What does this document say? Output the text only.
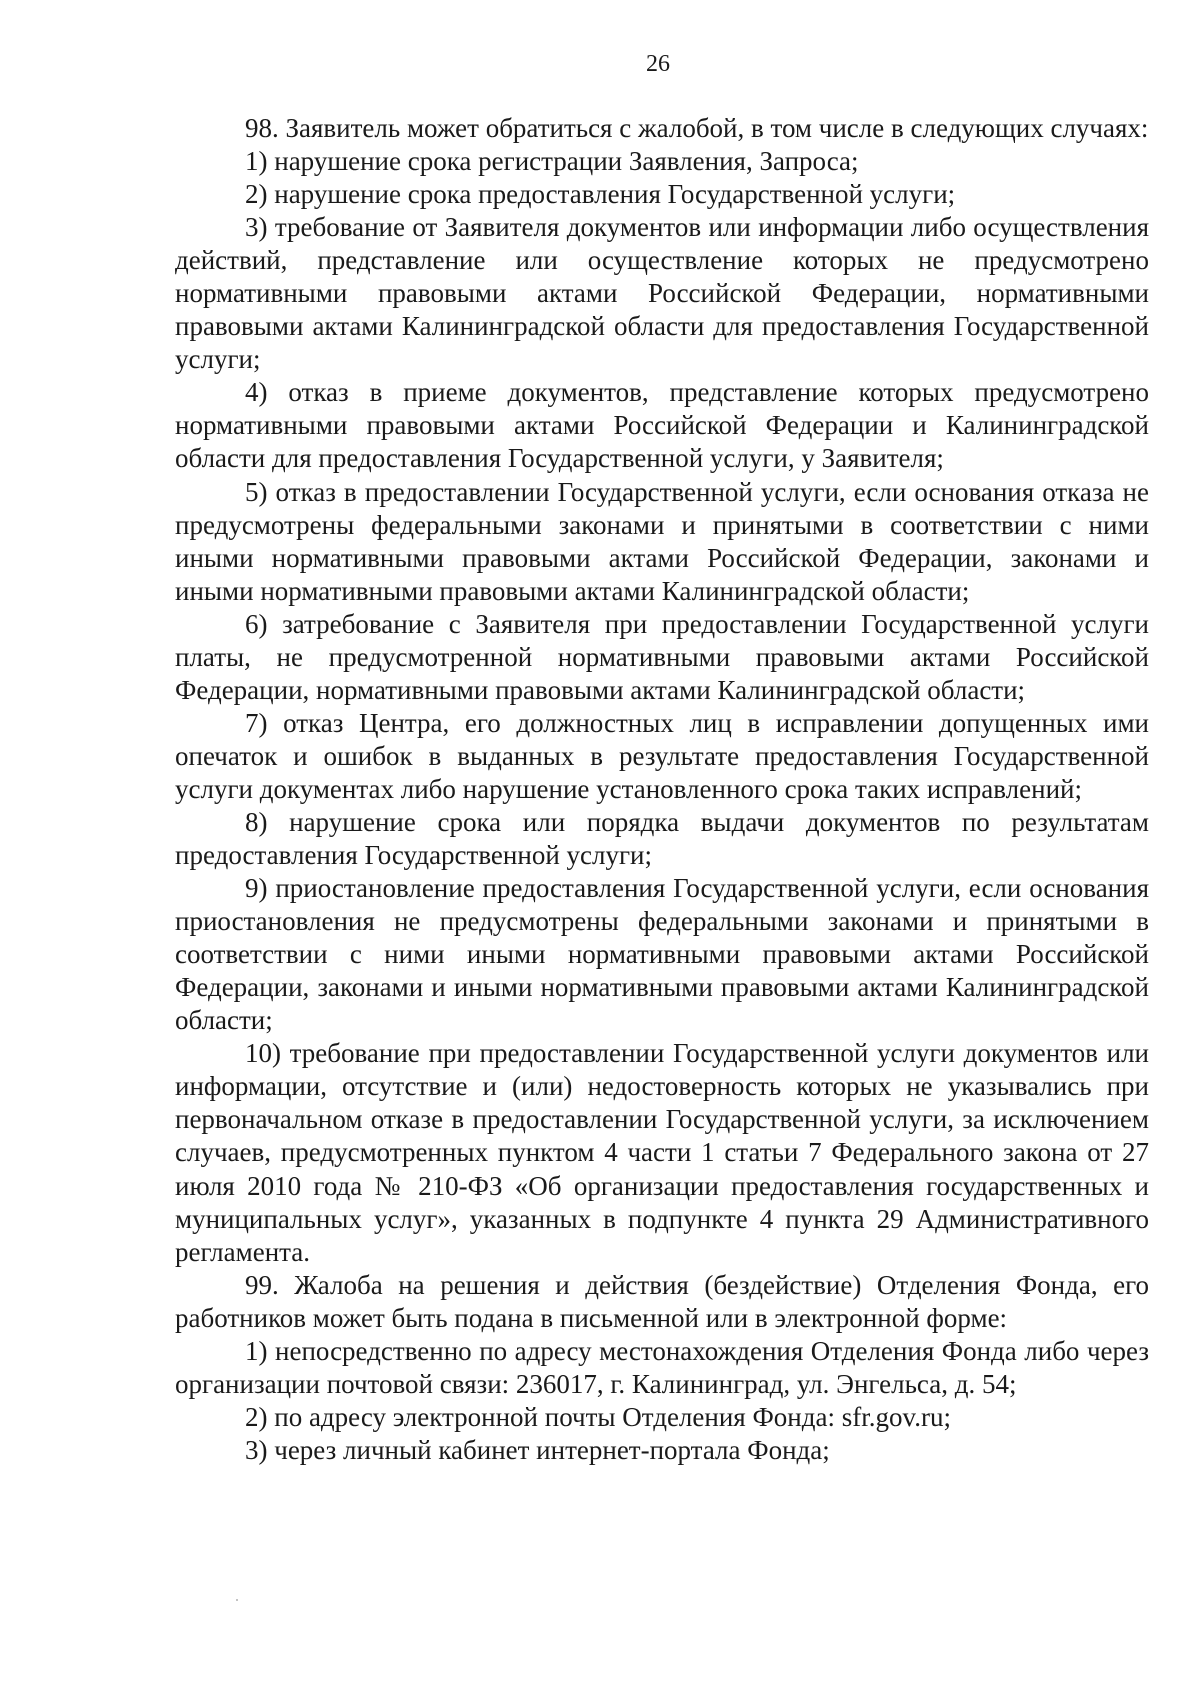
26

98. Заявитель может обратиться с жалобой, в том числе в следующих случаях:

1) нарушение срока регистрации Заявления, Запроса;

2) нарушение срока предоставления Государственной услуги;

3) требование от Заявителя документов или информации либо осуществления действий, представление или осуществление которых не предусмотрено нормативными правовыми актами Российской Федерации, нормативными правовыми актами Калининградской области для предоставления Государственной услуги;

4) отказ в приеме документов, представление которых предусмотрено нормативными правовыми актами Российской Федерации и Калининградской области для предоставления Государственной услуги, у Заявителя;

5) отказ в предоставлении Государственной услуги, если основания отказа не предусмотрены федеральными законами и принятыми в соответствии с ними иными нормативными правовыми актами Российской Федерации, законами и иными нормативными правовыми актами Калининградской области;

6) затребование с Заявителя при предоставлении Государственной услуги платы, не предусмотренной нормативными правовыми актами Российской Федерации, нормативными правовыми актами Калининградской области;

7) отказ Центра, его должностных лиц в исправлении допущенных ими опечаток и ошибок в выданных в результате предоставления Государственной услуги документах либо нарушение установленного срока таких исправлений;

8) нарушение срока или порядка выдачи документов по результатам предоставления Государственной услуги;

9) приостановление предоставления Государственной услуги, если основания приостановления не предусмотрены федеральными законами и принятыми в соответствии с ними иными нормативными правовыми актами Российской Федерации, законами и иными нормативными правовыми актами Калининградской области;

10) требование при предоставлении Государственной услуги документов или информации, отсутствие и (или) недостоверность которых не указывались при первоначальном отказе в предоставлении Государственной услуги, за исключением случаев, предусмотренных пунктом 4 части 1 статьи 7 Федерального закона от 27 июля 2010 года № 210-ФЗ «Об организации предоставления государственных и муниципальных услуг», указанных в подпункте 4 пункта 29 Административного регламента.

99. Жалоба на решения и действия (бездействие) Отделения Фонда, его работников может быть подана в письменной или в электронной форме:

1) непосредственно по адресу местонахождения Отделения Фонда либо через организации почтовой связи: 236017, г. Калининград, ул. Энгельса, д. 54;

2) по адресу электронной почты Отделения Фонда: sfr.gov.ru;

3) через личный кабинет интернет-портала Фонда;
